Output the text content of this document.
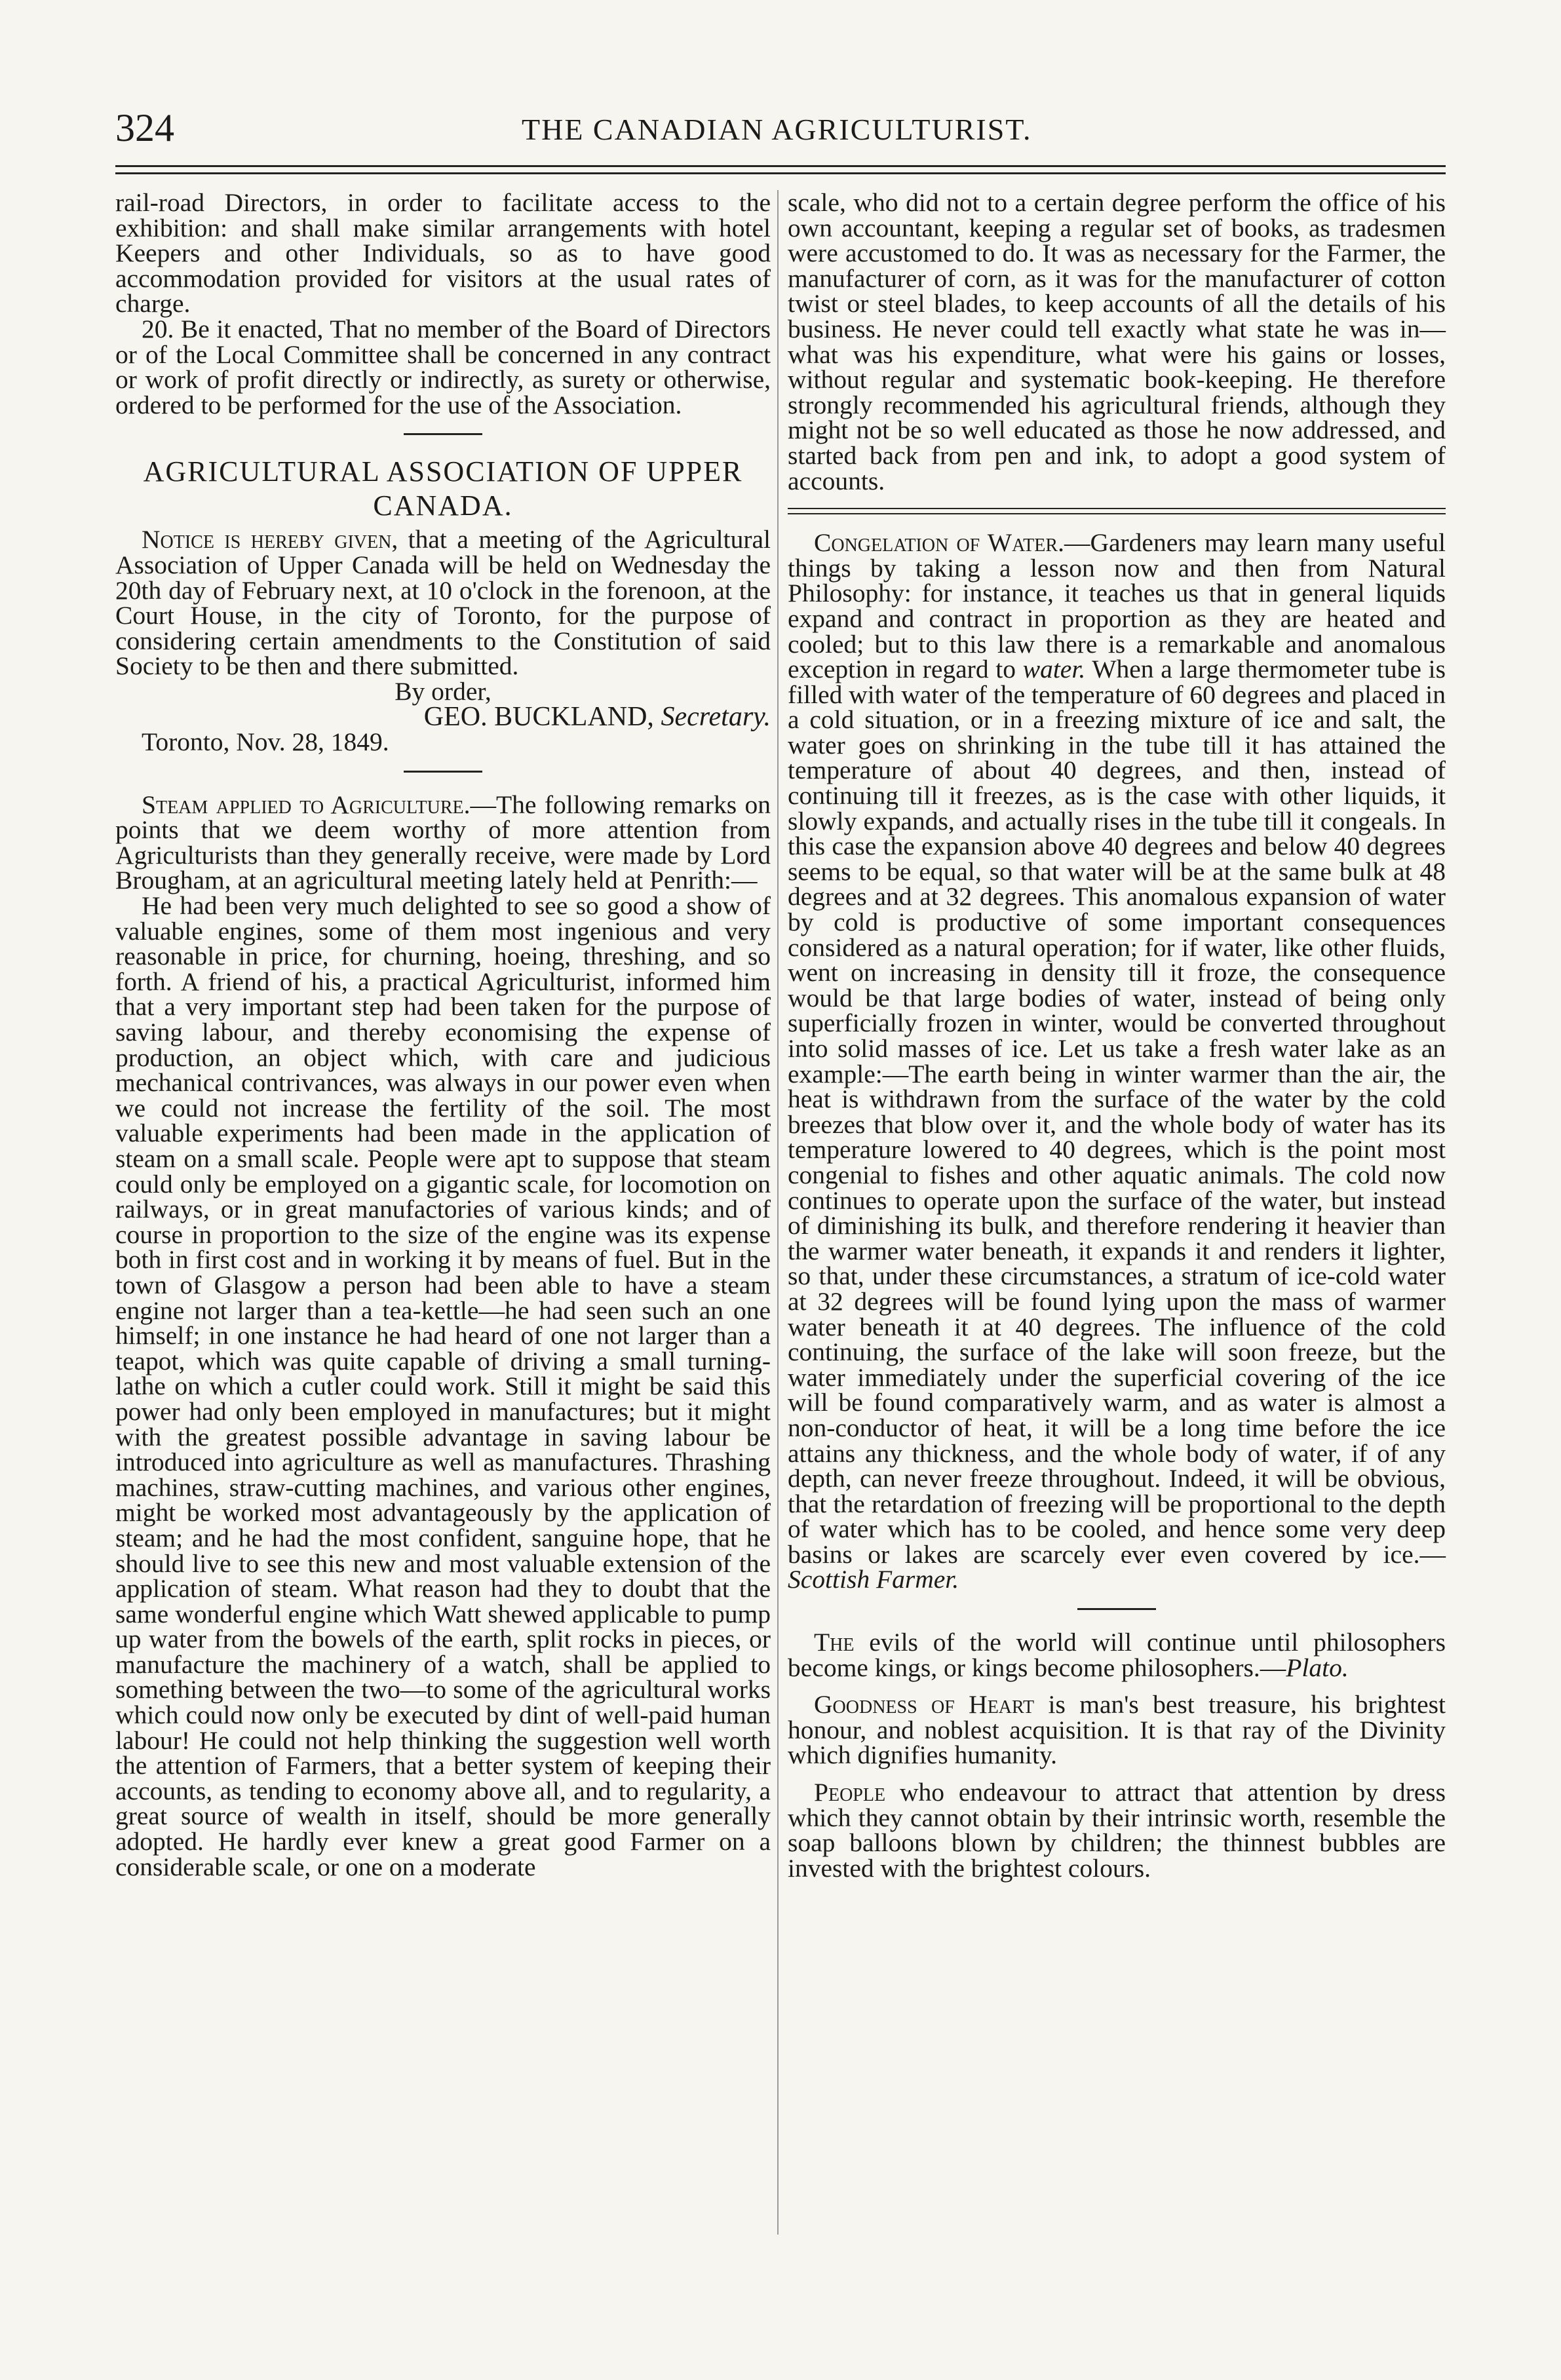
324	THE CANADIAN AGRICULTURIST.

rail-road Directors, in order to facilitate access to the exhibition: and shall make similar arrangements with hotel Keepers and other Individuals, so as to have good accommodation provided for visitors at the usual rates of charge.

20. Be it enacted, That no member of the Board of Directors or of the Local Committee shall be concerned in any contract or work of profit directly or indirectly, as surety or otherwise, ordered to be performed for the use of the Association.

AGRICULTURAL ASSOCIATION OF UPPER CANADA.

Notice is hereby given, that a meeting of the Agricultural Association of Upper Canada will be held on Wednesday the 20th day of February next, at 10 o'clock in the forenoon, at the Court House, in the city of Toronto, for the purpose of considering certain amendments to the Constitution of said Society to be then and there submitted.

By order,

GEO. BUCKLAND, Secretary.

Toronto, Nov. 28, 1849.

Steam applied to Agriculture.—The following remarks on points that we deem worthy of more attention from Agriculturists than they generally receive, were made by Lord Brougham, at an agricultural meeting lately held at Penrith:—

He had been very much delighted to see so good a show of valuable engines, some of them most ingenious and very reasonable in price, for churning, hoeing, threshing, and so forth. A friend of his, a practical Agriculturist, informed him that a very important step had been taken for the purpose of saving labour, and thereby economising the expense of production, an object which, with care and judicious mechanical contrivances, was always in our power even when we could not increase the fertility of the soil. The most valuable experiments had been made in the application of steam on a small scale. People were apt to suppose that steam could only be employed on a gigantic scale, for locomotion on railways, or in great manufactories of various kinds; and of course in proportion to the size of the engine was its expense both in first cost and in working it by means of fuel. But in the town of Glasgow a person had been able to have a steam engine not larger than a tea-kettle—he had seen such an one himself; in one instance he had heard of one not larger than a teapot, which was quite capable of driving a small turning-lathe on which a cutler could work. Still it might be said this power had only been employed in manufactures; but it might with the greatest possible advantage in saving labour be introduced into agriculture as well as manufactures. Thrashing machines, straw-cutting machines, and various other engines, might be worked most advantageously by the application of steam; and he had the most confident, sanguine hope, that he should live to see this new and most valuable extension of the application of steam. What reason had they to doubt that the same wonderful engine which Watt shewed applicable to pump up water from the bowels of the earth, split rocks in pieces, or manufacture the machinery of a watch, shall be applied to something between the two—to some of the agricultural works which could now only be executed by dint of well-paid human labour! He could not help thinking the suggestion well worth the attention of Farmers, that a better system of keeping their accounts, as tending to economy above all, and to regularity, a great source of wealth in itself, should be more generally adopted. He hardly ever knew a great good Farmer on a considerable scale, or one on a moderate

scale, who did not to a certain degree perform the office of his own accountant, keeping a regular set of books, as tradesmen were accustomed to do. It was as necessary for the Farmer, the manufacturer of corn, as it was for the manufacturer of cotton twist or steel blades, to keep accounts of all the details of his business. He never could tell exactly what state he was in—what was his expenditure, what were his gains or losses, without regular and systematic book-keeping. He therefore strongly recommended his agricultural friends, although they might not be so well educated as those he now addressed, and started back from pen and ink, to adopt a good system of accounts.

Congelation of Water.—Gardeners may learn many useful things by taking a lesson now and then from Natural Philosophy: for instance, it teaches us that in general liquids expand and contract in proportion as they are heated and cooled; but to this law there is a remarkable and anomalous exception in regard to water. When a large thermometer tube is filled with water of the temperature of 60 degrees and placed in a cold situation, or in a freezing mixture of ice and salt, the water goes on shrinking in the tube till it has attained the temperature of about 40 degrees, and then, instead of continuing till it freezes, as is the case with other liquids, it slowly expands, and actually rises in the tube till it congeals. In this case the expansion above 40 degrees and below 40 degrees seems to be equal, so that water will be at the same bulk at 48 degrees and at 32 degrees. This anomalous expansion of water by cold is productive of some important consequences considered as a natural operation; for if water, like other fluids, went on increasing in density till it froze, the consequence would be that large bodies of water, instead of being only superficially frozen in winter, would be converted throughout into solid masses of ice. Let us take a fresh water lake as an example:—The earth being in winter warmer than the air, the heat is withdrawn from the surface of the water by the cold breezes that blow over it, and the whole body of water has its temperature lowered to 40 degrees, which is the point most congenial to fishes and other aquatic animals. The cold now continues to operate upon the surface of the water, but instead of diminishing its bulk, and therefore rendering it heavier than the warmer water beneath, it expands it and renders it lighter, so that, under these circumstances, a stratum of ice-cold water at 32 degrees will be found lying upon the mass of warmer water beneath it at 40 degrees. The influence of the cold continuing, the surface of the lake will soon freeze, but the water immediately under the superficial covering of the ice will be found comparatively warm, and as water is almost a non-conductor of heat, it will be a long time before the ice attains any thickness, and the whole body of water, if of any depth, can never freeze throughout. Indeed, it will be obvious, that the retardation of freezing will be proportional to the depth of water which has to be cooled, and hence some very deep basins or lakes are scarcely ever even covered by ice.—Scottish Farmer.

The evils of the world will continue until philosophers become kings, or kings become philosophers.—Plato.

Goodness of Heart is man's best treasure, his brightest honour, and noblest acquisition. It is that ray of the Divinity which dignifies humanity.

People who endeavour to attract that attention by dress which they cannot obtain by their intrinsic worth, resemble the soap balloons blown by children; the thinnest bubbles are invested with the brightest colours.
